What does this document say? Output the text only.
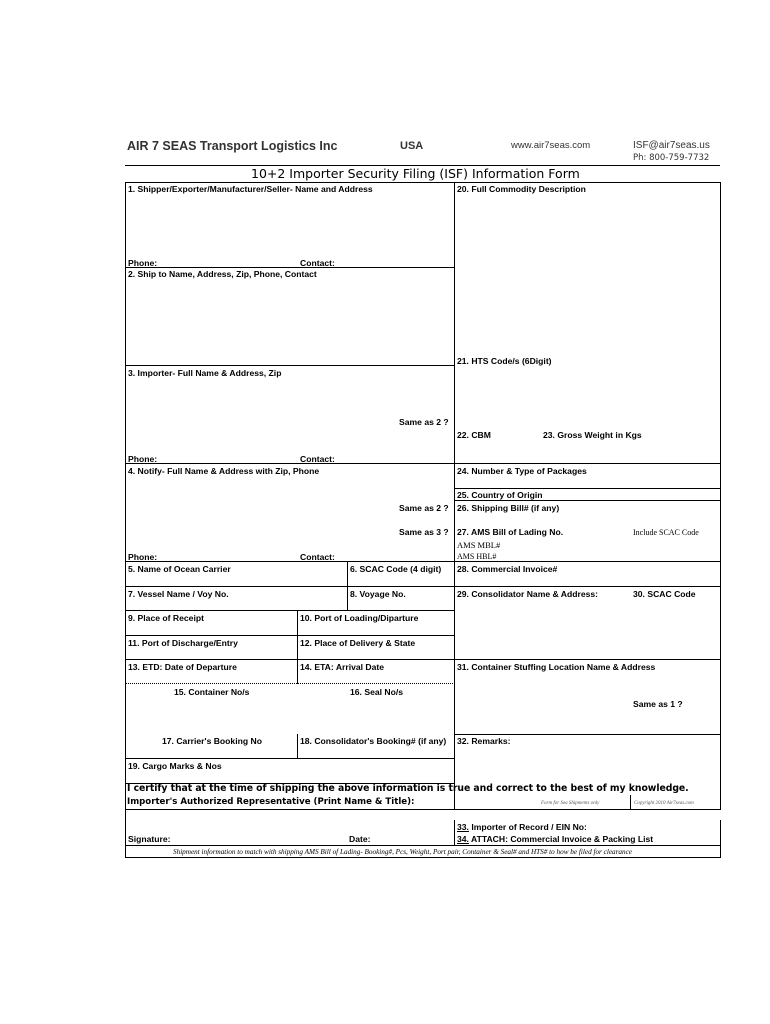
AIR 7 SEAS Transport Logistics Inc	USA	www.air7seas.com	ISF@air7seas.us
Ph: 800-759-7732
10+2 Importer Security Filing (ISF) Information Form
1. Shipper/Exporter/Manufacturer/Seller- Name and Address
Phone:	Contact:
2. Ship to Name, Address, Zip, Phone, Contact
3. Importer- Full Name & Address, Zip
Same as 2 ?
Phone:	Contact:
4. Notify- Full Name & Address with Zip, Phone
Same as 2 ?
Same as 3 ?
Phone:	Contact:
5. Name of Ocean Carrier	6. SCAC Code (4 digit)
7. Vessel Name / Voy No.	8. Voyage No.
9. Place of Receipt	10. Port of Loading/Diparture
11. Port of Discharge/Entry	12. Place of Delivery & State
13. ETD: Date of Departure	14. ETA: Arrival Date
15. Container No/s	16. Seal No/s
17. Carrier's Booking No	18. Consolidator's Booking# (if any)
19. Cargo Marks & Nos
20. Full Commodity Description
21. HTS Code/s (6Digit)
22. CBM	23. Gross Weight in Kgs
24. Number & Type of Packages
25. Country of Origin
26. Shipping Bill# (if any)
27. AMS Bill of Lading No.	Include SCAC Code
AMS MBL#
AMS HBL#
28. Commercial Invoice#
29. Consolidator Name & Address:	30. SCAC Code
31. Container Stuffing Location Name & Address
Same as 1 ?
32. Remarks:
I certify that at the time of shipping the above information is true and correct to the best of my knowledge.
Importer's Authorized Representative (Print Name & Title):	Form for Sea Shipments only	Copyright 2010 Air7seas.com
33. Importer of Record / EIN No:
34. ATTACH: Commercial Invoice & Packing List
Signature:	Date:
Shipment information to match with shipping AMS Bill of Lading- Booking#, Pcs, Weight, Port pair, Container & Seal# and HTS# to how be filed for clearance
